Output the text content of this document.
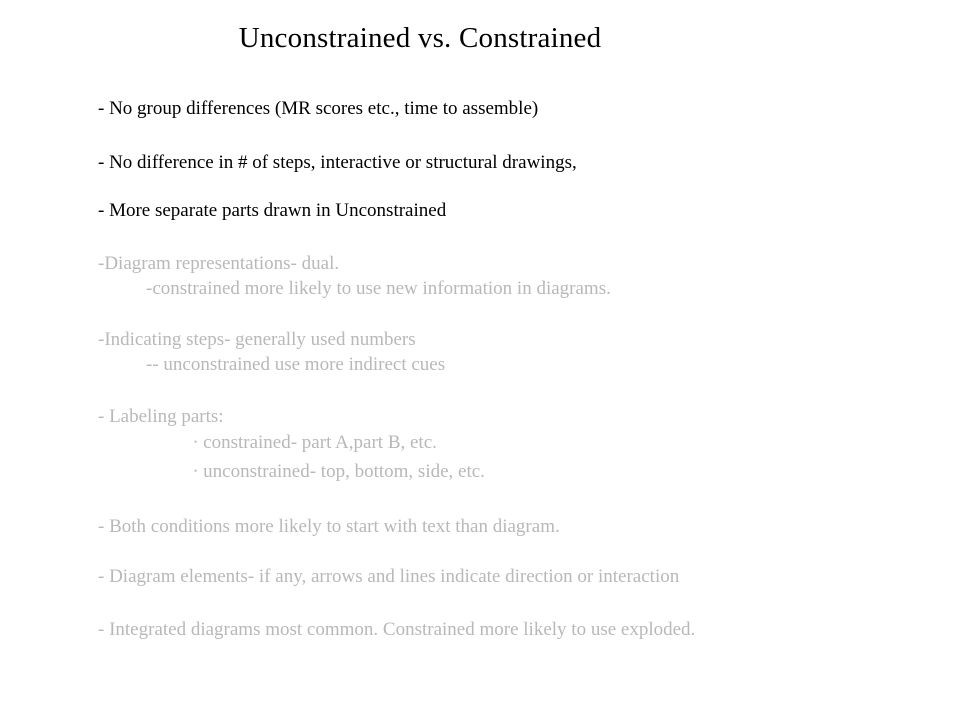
Unconstrained vs. Constrained
- No group differences (MR scores etc., time to assemble)
- No difference in # of steps, interactive or structural drawings,
- More separate parts drawn in Unconstrained
-Diagram representations- dual.
-constrained more likely to use new information in diagrams.
-Indicating steps- generally used numbers
-- unconstrained use more indirect cues
- Labeling parts:
• constrained- part A,part B, etc.
• unconstrained- top, bottom, side, etc.
- Both conditions more likely to start with text than diagram.
- Diagram elements- if any, arrows and lines indicate direction or interaction
- Integrated diagrams most common. Constrained more likely to use exploded.
